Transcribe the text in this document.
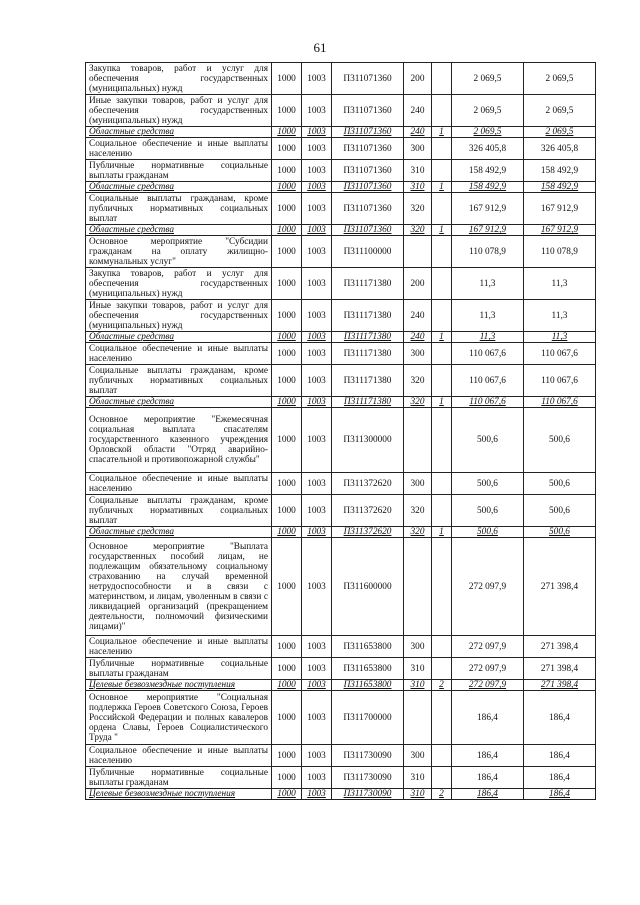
61
Закупка товаров, работ и услуг для обеспечения государственных (муниципальных) нужд	1000	1003	П311071360	200		2 069,5	2 069,5
Иные закупки товаров, работ и услуг для обеспечения государственных (муниципальных) нужд	1000	1003	П311071360	240		2 069,5	2 069,5
Областные средства	1000	1003	П311071360	240	1	2 069,5	2 069,5
Социальное обеспечение и иные выплаты населению	1000	1003	П311071360	300		326 405,8	326 405,8
Публичные нормативные социальные выплаты гражданам	1000	1003	П311071360	310		158 492,9	158 492,9
Областные средства	1000	1003	П311071360	310	1	158 492,9	158 492,9
Социальные выплаты гражданам, кроме публичных нормативных социальных выплат	1000	1003	П311071360	320		167 912,9	167 912,9
Областные средства	1000	1003	П311071360	320	1	167 912,9	167 912,9
Основное мероприятие "Субсидии гражданам на оплату жилищно-коммунальных услуг"	1000	1003	П311100000			110 078,9	110 078,9
Закупка товаров, работ и услуг для обеспечения государственных (муниципальных) нужд	1000	1003	П311171380	200		11,3	11,3
Иные закупки товаров, работ и услуг для обеспечения государственных (муниципальных) нужд	1000	1003	П311171380	240		11,3	11,3
Областные средства	1000	1003	П311171380	240	1	11,3	11,3
Социальное обеспечение и иные выплаты населению	1000	1003	П311171380	300		110 067,6	110 067,6
Социальные выплаты гражданам, кроме публичных нормативных социальных выплат	1000	1003	П311171380	320		110 067,6	110 067,6
Областные средства	1000	1003	П311171380	320	1	110 067,6	110 067,6
Основное мероприятие "Ежемесячная социальная выплата спасателям государственного казенного учреждения Орловской области "Отряд аварийно-спасательной и противопожарной службы"	1000	1003	П311300000			500,6	500,6
Социальное обеспечение и иные выплаты населению	1000	1003	П311372620	300		500,6	500,6
Социальные выплаты гражданам, кроме публичных нормативных социальных выплат	1000	1003	П311372620	320		500,6	500,6
Областные средства	1000	1003	П311372620	320	1	500,6	500,6
Основное мероприятие "Выплата государственных пособий лицам, не подлежащим обязательному социальному страхованию на случай временной нетрудоспособности и в связи с материнством, и лицам, уволенным в связи с ликвидацией организаций (прекращением деятельности, полномочий физическими лицами)"	1000	1003	П311600000			272 097,9	271 398,4
Социальное обеспечение и иные выплаты населению	1000	1003	П311653800	300		272 097,9	271 398,4
Публичные нормативные социальные выплаты гражданам	1000	1003	П311653800	310		272 097,9	271 398,4
Целевые безвозмездные поступления	1000	1003	П311653800	310	2	272 097,9	271 398,4
Основное мероприятие "Социальная подлержка Героев Советского Союза, Героев Российской Федерации и полных кавалеров ордена Славы, Героев Социалистического Труда "	1000	1003	П311700000			186,4	186,4
Социальное обеспечение и иные выплаты населению	1000	1003	П311730090	300		186,4	186,4
Публичные нормативные социальные выплаты гражданам	1000	1003	П311730090	310		186,4	186,4
Целевые безвозмездные поступления	1000	1003	П311730090	310	2	186,4	186,4
